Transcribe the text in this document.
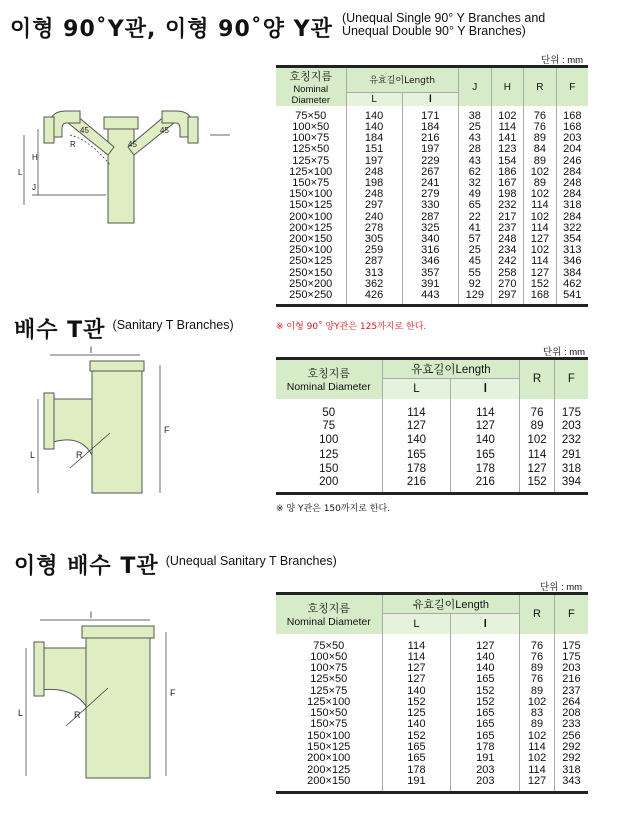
이형 90˚Y관, 이형 90˚양 Y관 (Unequal Single 90° Y Branches and
Unequal Double 90° Y Branches)
단위 : mm
L
H
J
R
45
45
45
호칭지름
Nominal Diameter	유효길이Length		J	H	R	F
	L	l				
75×50	140	171	38	102	76	168
100×50	140	184	25	114	76	168
100×75	184	216	43	141	89	203
125×50	151	197	28	123	84	204
125×75	197	229	43	154	89	246
125×100	248	267	62	186	102	284
150×75	198	241	32	167	89	248
150×100	248	279	49	198	102	284
150×125	297	330	65	232	114	318
200×100	240	287	22	217	102	284
200×125	278	325	41	237	114	322
200×150	305	340	57	248	127	354
250×100	259	316	25	234	102	313
250×125	287	346	45	242	114	346
250×150	313	357	55	258	127	384
250×200	362	391	92	270	152	462
250×250	426	443	129	297	168	541
배수 T관 (Sanitary T Branches)	※ 이형 90˚ 양Y관은 125까지로 한다.
단위 : mm
l
L	R
F
호칭지름
Nominal Diameter	유효길이Length		R	F
	L	l		
50	114	114	76	175
75	127	127	89	203
100	140	140	102	232
125	165	165	114	291
150	178	178	127	318
200	216	216	152	394
※ 양 Y관은 150까지로 한다.
이형 배수 T관 (Unequal Sanitary T Branches)
단위 : mm
l
L	R
F
호칭지름
Nominal Diameter	유효길이Length		R	F
	L	l		
75×50	114	127	76	175
100×50	114	140	76	175
100×75	127	140	89	203
125×50	127	165	76	216
125×75	140	152	89	237
125×100	152	152	102	264
150×50	125	165	83	208
150×75	140	165	89	233
150×100	152	165	102	256
150×125	165	178	114	292
200×100	165	191	102	292
200×125	178	203	114	318
200×150	191	203	127	343
